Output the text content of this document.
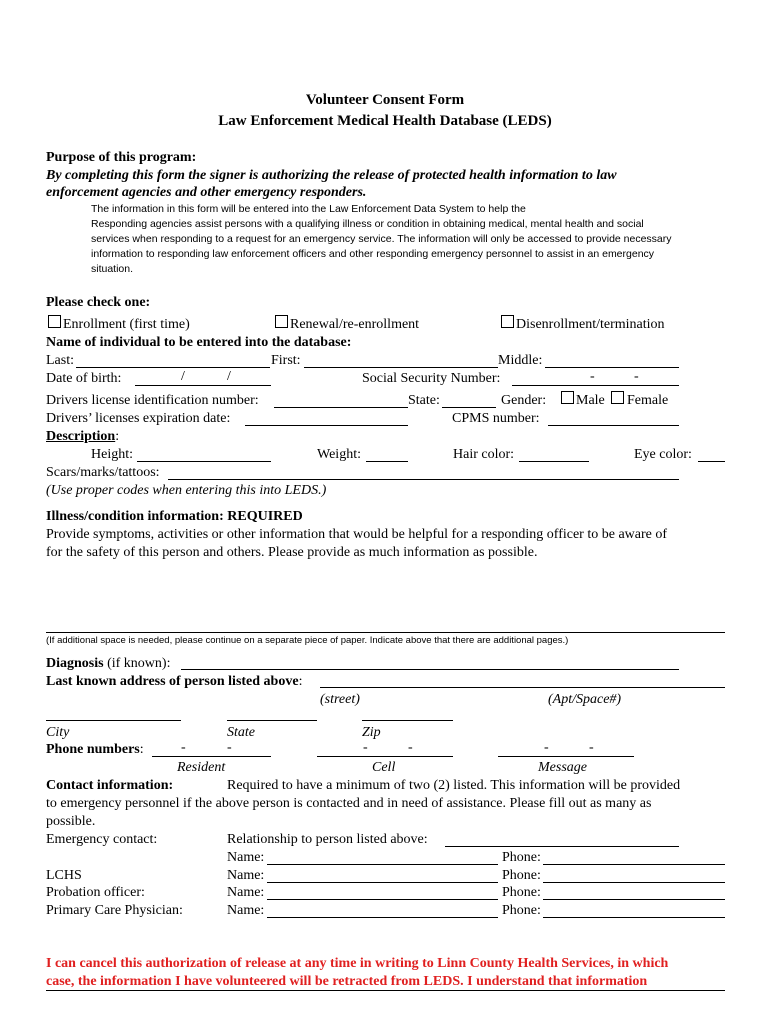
Volunteer Consent Form
Law Enforcement Medical Health Database (LEDS)
Purpose of this program:
By completing this form the signer is authorizing the release of protected health information to law
enforcement agencies and other emergency responders.
The information in this form will be entered into the Law Enforcement Data System to help the
Responding agencies assist persons with a qualifying illness or condition in obtaining medical, mental health and social
services when responding to a request for an emergency service. The information will only be accessed to provide necessary
information to responding law enforcement officers and other responding emergency personnel to assist in an emergency
situation.
Please check one:
Enrollment (first time)	Renewal/re-enrollment	Disenrollment/termination
Name of individual to be entered into the database:
Last:	First:	Middle:
Date of birth:	/	/	Social Security Number:	-	-
Drivers license identification number:	State:	Gender: Male Female
Drivers’ licenses expiration date:	CPMS number:
Description:
Height:	Weight:	Hair color:	Eye color:
Scars/marks/tattoos:
(Use proper codes when entering this into LEDS.)
Illness/condition information: REQUIRED
Provide symptoms, activities or other information that would be helpful for a responding officer to be aware of
for the safety of this person and others. Please provide as much information as possible.
(If additional space is needed, please continue on a separate piece of paper. Indicate above that there are additional pages.)
Diagnosis (if known):
Last known address of person listed above:
(street)	(Apt/Space#)
City	State	Zip
Phone numbers:	-	-	-	-	-	-
Resident	Cell	Message
Contact information:	Required to have a minimum of two (2) listed. This information will be provided
to emergency personnel if the above person is contacted and in need of assistance. Please fill out as many as
possible.
Emergency contact:	Relationship to person listed above:
Name:	Phone:
LCHS	Name:	Phone:
Probation officer:	Name:	Phone:
Primary Care Physician:	Name:	Phone:
I can cancel this authorization of release at any time in writing to Linn County Health Services, in which
case, the information I have volunteered will be retracted from LEDS. I understand that information
